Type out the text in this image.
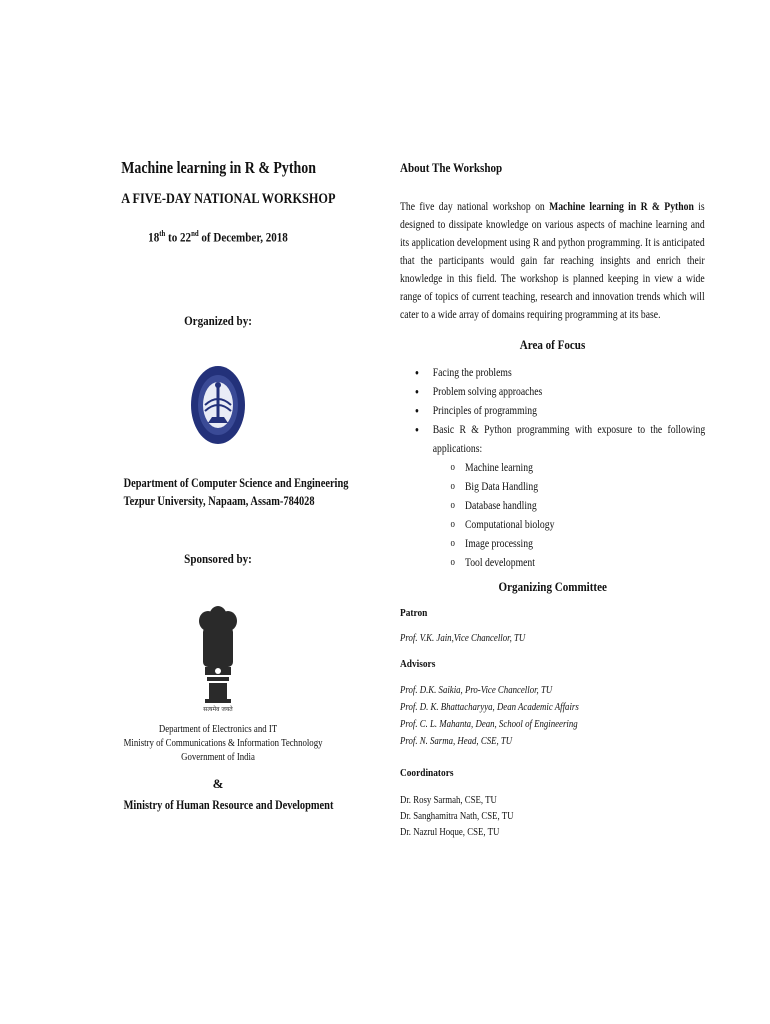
Machine learning in R & Python
A FIVE-DAY NATIONAL WORKSHOP
18th to 22nd of December, 2018
Organized by:
Department of Computer Science and Engineering
Tezpur University, Napaam, Assam-784028
Sponsored by:
सत्यमेव जयते
Department of Electronics and IT
Ministry of Communications & Information Technology
Government of India
&
Ministry of Human Resource and Development
About The Workshop
The five day national workshop on Machine learning in R & Python is designed to dissipate knowledge on various aspects of machine learning and its application development using R and python programming. It is anticipated that the participants would gain far reaching insights and enrich their knowledge in this field. The workshop is planned keeping in view a wide range of topics of current teaching, research and innovation trends which will cater to a wide array of domains requiring programming at its base.
Area of Focus
● Facing the problems
● Problem solving approaches
● Principles of programming
● Basic R & Python programming with exposure to the following applications:
o Machine learning
o Big Data Handling
o Database handling
o Computational biology
o Image processing
o Tool development
Organizing Committee
Patron
Prof. V.K. Jain,Vice Chancellor, TU
Advisors
Prof. D.K. Saikia, Pro-Vice Chancellor, TU
Prof. D. K. Bhattacharyya, Dean Academic Affairs
Prof. C. L. Mahanta, Dean, School of Engineering
Prof. N. Sarma, Head, CSE, TU
Coordinators
Dr. Rosy Sarmah, CSE, TU
Dr. Sanghamitra Nath, CSE, TU
Dr. Nazrul Hoque, CSE, TU
